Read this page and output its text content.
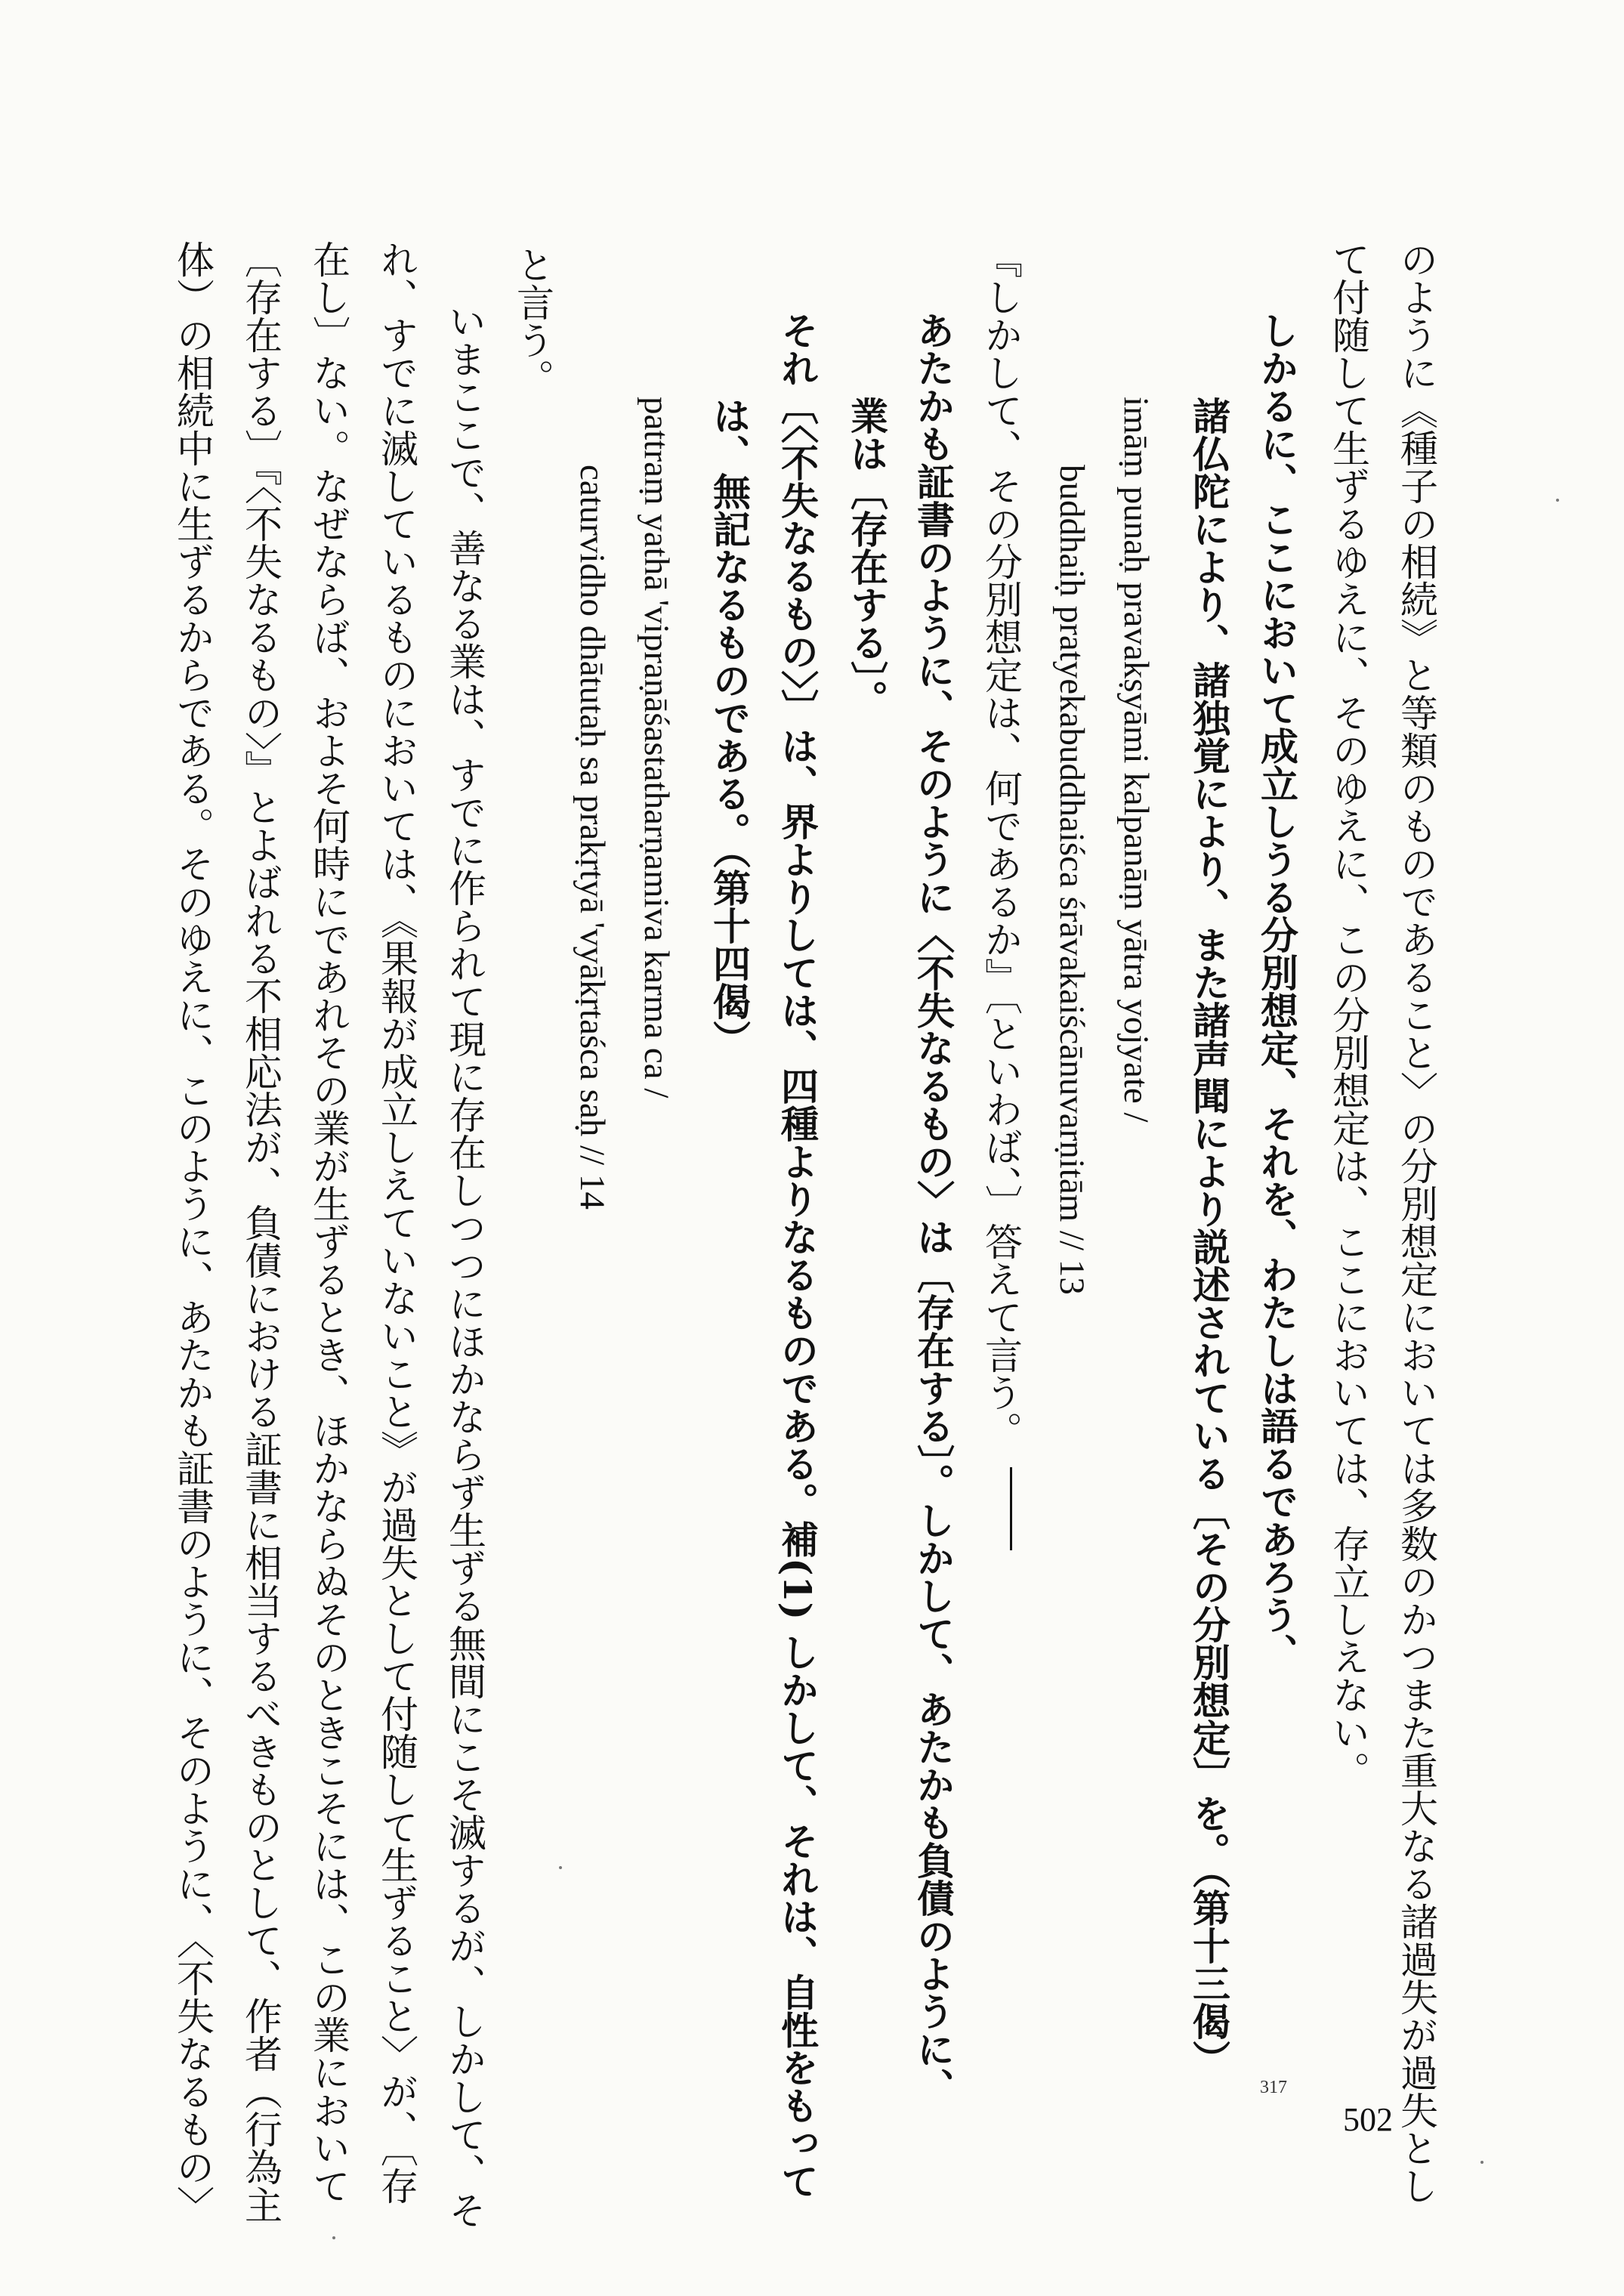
のように《種子の相続》と等類のものであること〉の分別想定においては多数のかつまた重大なる諸過失が過失とし
て付随して生ずるゆえに、そのゆえに、この分別想定は、ここにおいては、存立しえない。
しかるに、ここにおいて成立しうる分別想定、それを、わたしは語るであろう、
諸仏陀により、諸独覚により、また諸声聞により説述されている〔その分別想定〕を。（第十三偈）
imāṃ punaḥ pravakṣyāmi kalpanāṃ yātra yojyate /
buddhaiḥ pratyekabuddhaiśca śrāvakaiścānuvarṇitām // 13
『しかして、その分別想定は、何であるか』〔といわば、〕答えて言う。
あたかも証書のように、そのように〈不失なるもの〉は〔存在する〕。しかして、あたかも負債のように、
業は〔存在する〕。
それ〔〈不失なるもの〉〕は、界よりしては、四種よりなるものである。補(1) しかして、それは、自性をもって
は、無記なるものである。（第十四偈）
pattraṃ yathā 'vipraṇāśastatharṇamiva karma ca /
caturvidho dhātutaḥ sa prakṛtyā 'vyākṛtaśca saḥ // 14
と言う。
いまここで、善なる業は、すでに作られて現に存在しつつにほかならず生ずる無間にこそ滅するが、しかして、そ
れ、すでに滅しているものにおいては、《果報が成立しえていないこと》が過失として付随して生ずること〉が、〔存
在し〕ない。なぜならば、およそ何時にであれその業が生ずるとき、ほかならぬそのときこそには、この業において
〔存在する〕『〈不失なるもの〉』とよばれる不相応法が、負債における証書に相当するべきものとして、作者（行為主
体）の相続中に生ずるからである。そのゆえに、このように、あたかも証書のように、そのように、〈不失なるもの〉	502
317
